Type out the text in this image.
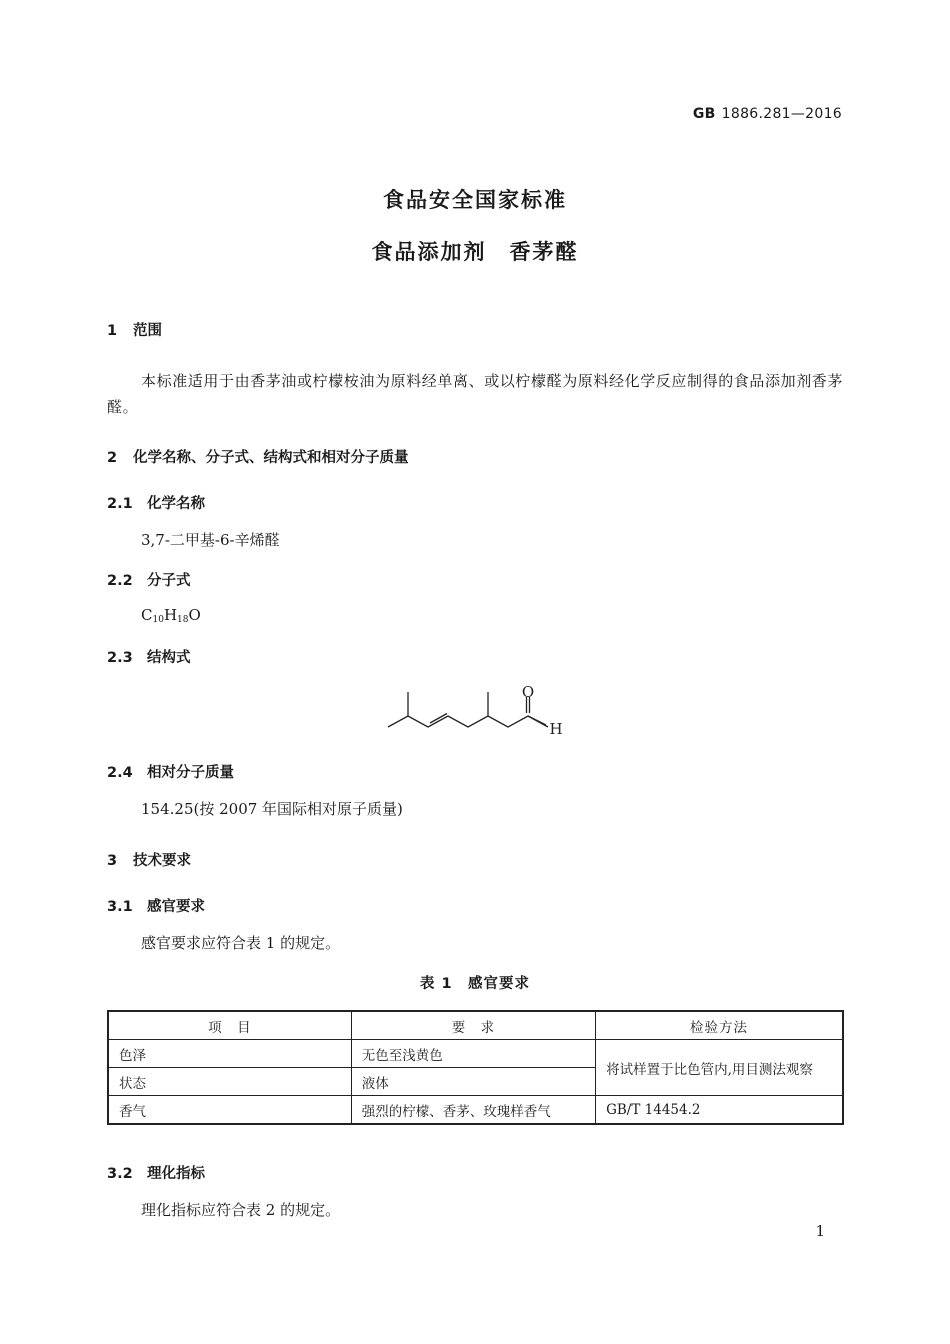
GB 1886.281—2016
食品安全国家标准
食品添加剂　香茅醛
1 范围
本标准适用于由香茅油或柠檬桉油为原料经单离、或以柠檬醛为原料经化学反应制得的食品添加剂香茅醛。
2 化学名称、分子式、结构式和相对分子质量
2.1 化学名称
3,7-二甲基-6-辛烯醛
2.2 分子式
$C_{10}H_{18}O$
2.3 结构式
O
H
2.4 相对分子质量
154.25(按 2007 年国际相对原子质量)
3 技术要求
3.1 感官要求
感官要求应符合表 1 的规定。
表 1　感官要求
项　目	要　求	检验方法
色泽	无色至浅黄色	将试样置于比色管内,用目测法观察
状态	液体	
香气	强烈的柠檬、香茅、玫瑰样香气	GB/T 14454.2
3.2 理化指标
理化指标应符合表 2 的规定。
1
